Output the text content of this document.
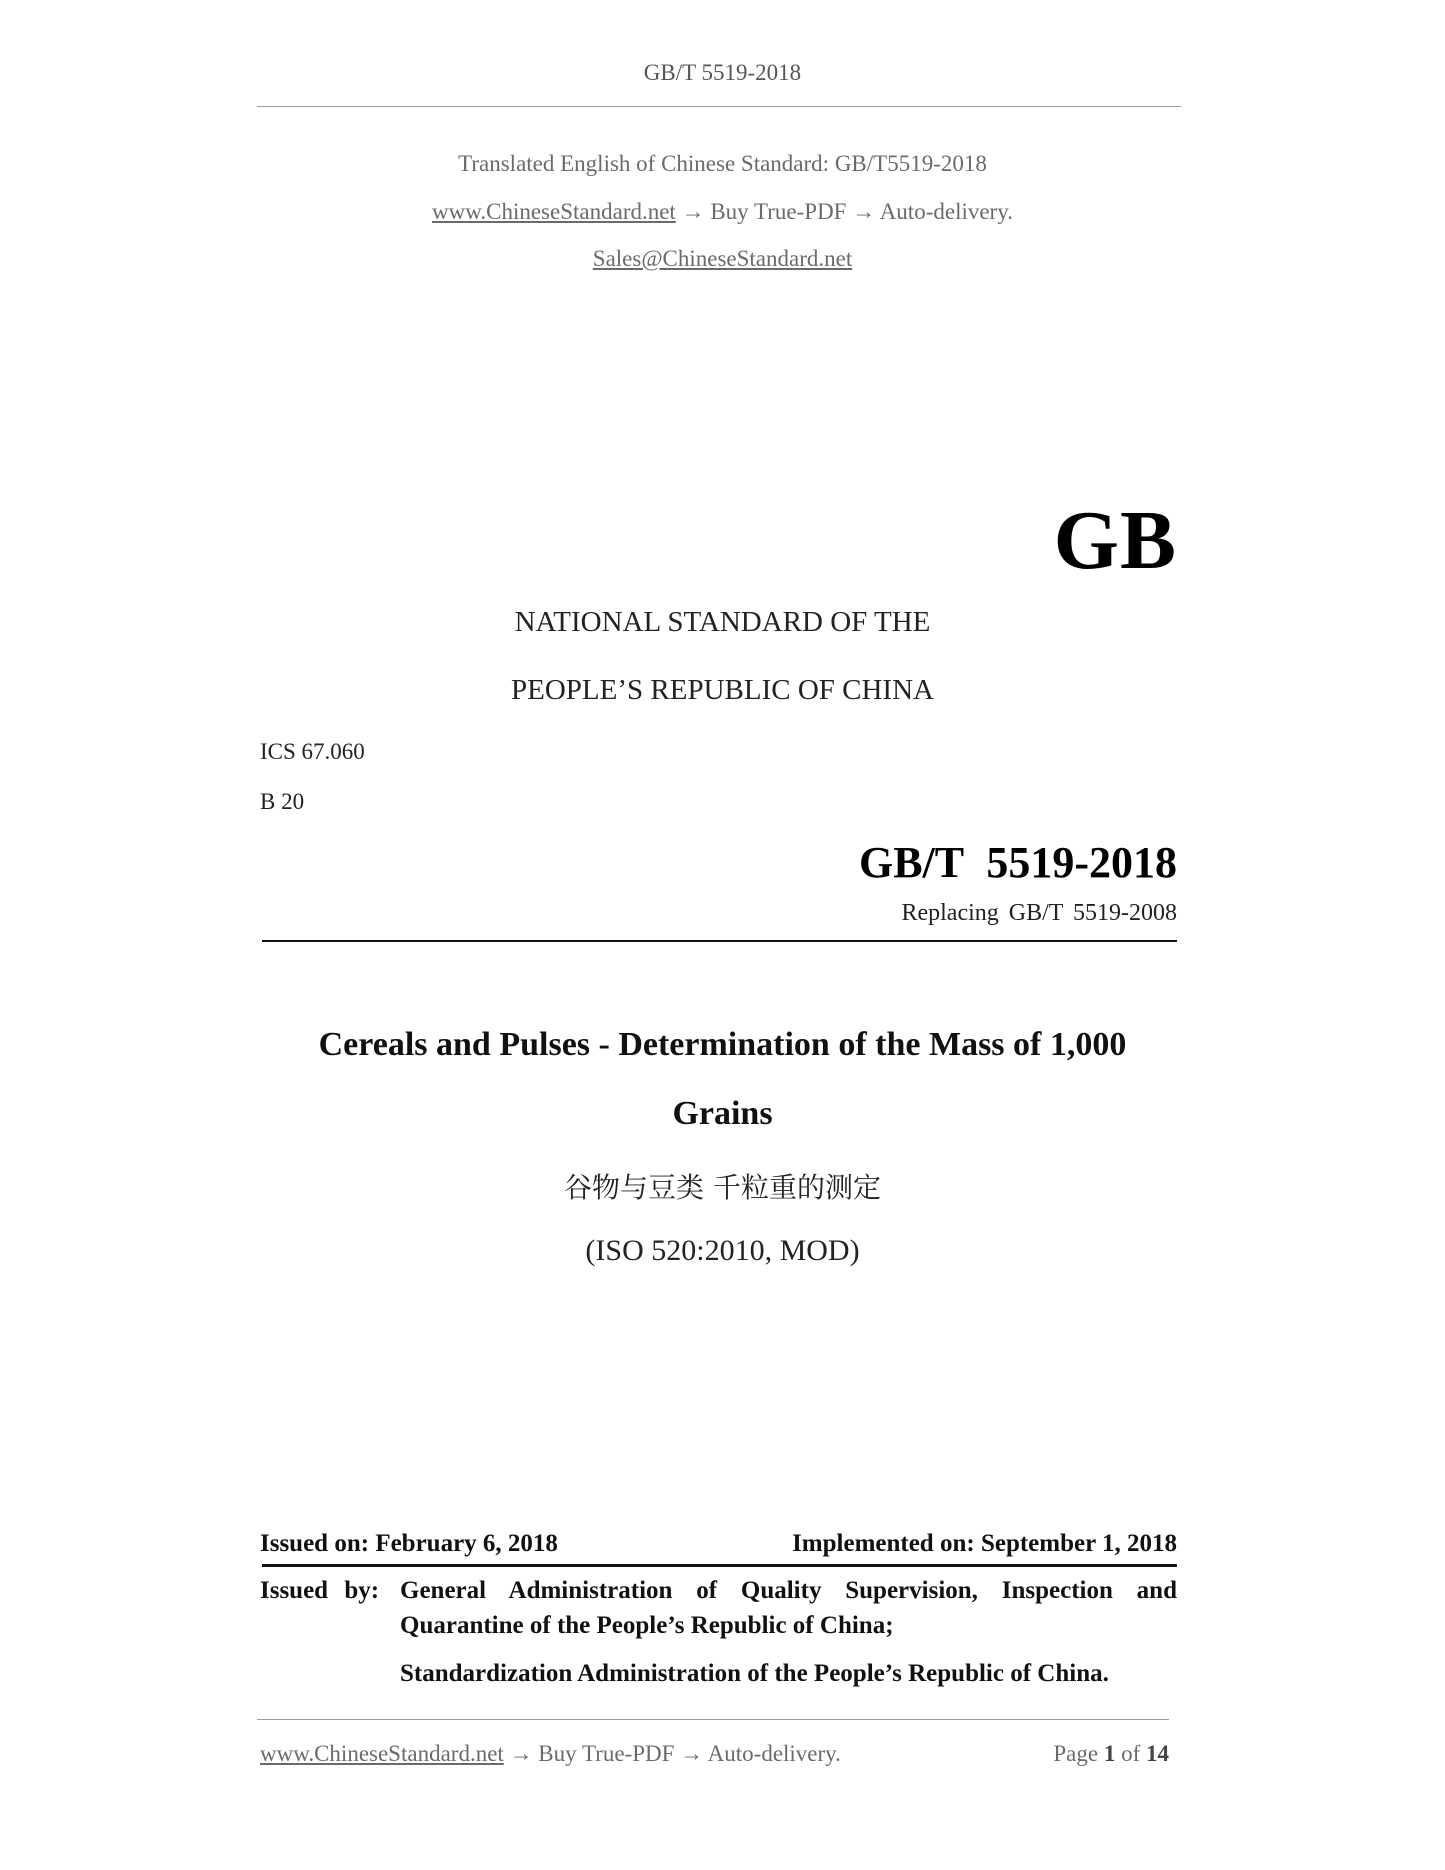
GB/T 5519-2018
Translated English of Chinese Standard: GB/T5519-2018
www.ChineseStandard.net → Buy True-PDF → Auto-delivery.
Sales@ChineseStandard.net
GB
NATIONAL STANDARD OF THE
PEOPLE’S REPUBLIC OF CHINA
ICS 67.060
B 20
GB/T 5519-2018
Replacing GB/T 5519-2008
Cereals and Pulses - Determination of the Mass of 1,000
Grains
谷物与豆类 千粒重的测定
(ISO 520:2010, MOD)
Issued on: February 6, 2018	Implemented on: September 1, 2018
Issued by: General Administration of Quality Supervision, Inspection and
Quarantine of the People’s Republic of China;
Standardization Administration of the People’s Republic of China.
www.ChineseStandard.net → Buy True-PDF → Auto-delivery.	Page 1 of 14
